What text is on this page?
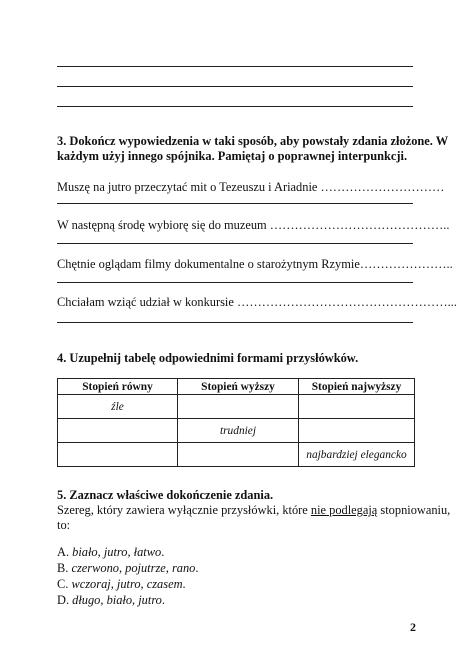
3. Dokończ wypowiedzenia w taki sposób, aby powstały zdania złożone. W
każdym użyj innego spójnika. Pamiętaj o poprawnej interpunkcji.
Muszę na jutro przeczytać mit o Tezeuszu i Ariadnie …………………………
W następną środę wybiorę się do muzeum ……………………………………..
Chętnie oglądam filmy dokumentalne o starożytnym Rzymie…………………..
Chciałam wziąć udział w konkursie ……………………………………………...
4. Uzupełnij tabelę odpowiednimi formami przysłówków.
Stopień równy	Stopień wyższy	Stopień najwyższy
źle		
	trudniej	
		najbardziej elegancko
5. Zaznacz właściwe dokończenie zdania.
Szereg, który zawiera wyłącznie przysłówki, które nie podlegają stopniowaniu,
to:
A. biało, jutro, łatwo.
B. czerwono, pojutrze, rano.
C. wczoraj, jutro, czasem.
D. długo, biało, jutro.
2
